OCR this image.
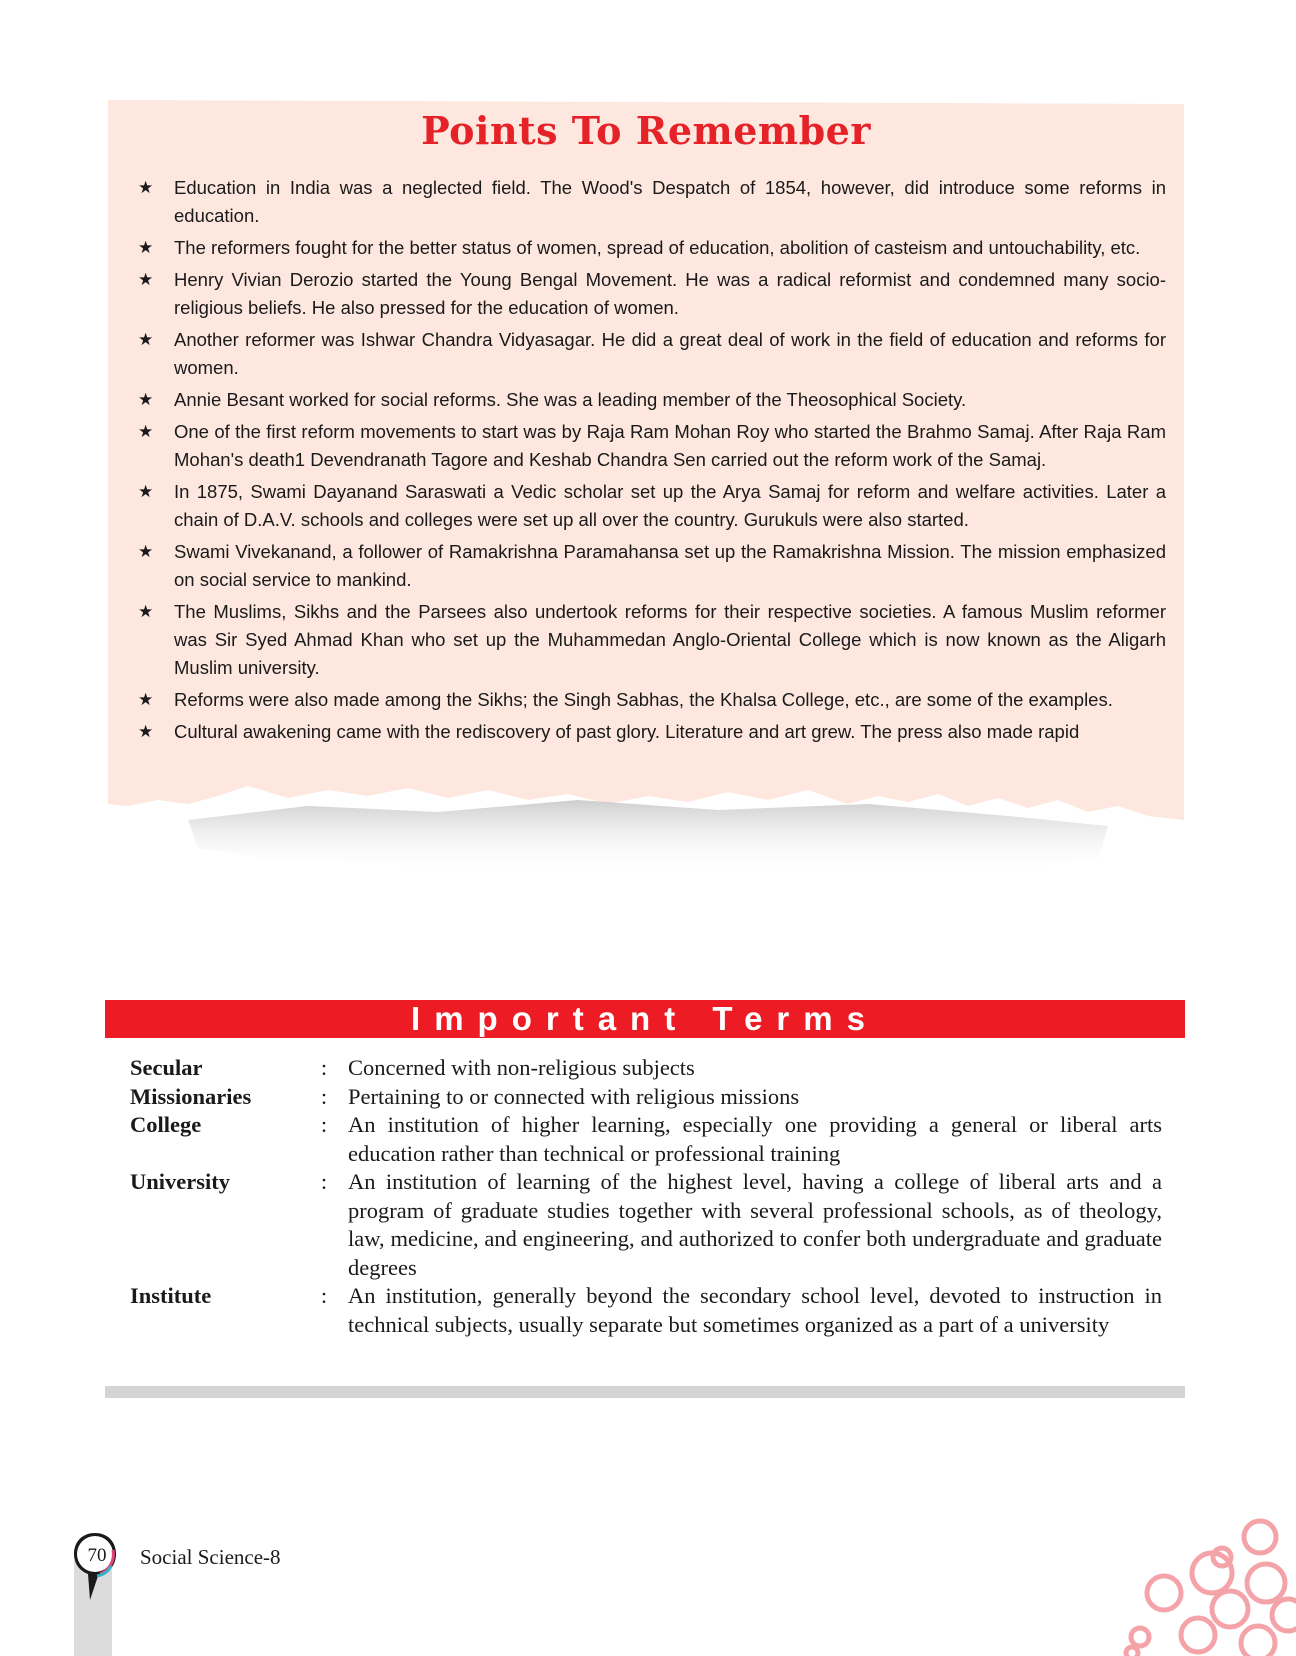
Points To Remember
★ Education in India was a neglected field. The Wood's Despatch of 1854, however, did introduce some reforms in education.
★ The reformers fought for the better status of women, spread of education, abolition of casteism and untouchability, etc.
★ Henry Vivian Derozio started the Young Bengal Movement. He was a radical reformist and condemned many socio-religious beliefs. He also pressed for the education of women.
★ Another reformer was Ishwar Chandra Vidyasagar. He did a great deal of work in the field of education and reforms for women.
★ Annie Besant worked for social reforms. She was a leading member of the Theosophical Society.
★ One of the first reform movements to start was by Raja Ram Mohan Roy who started the Brahmo Samaj. After Raja Ram Mohan's death1 Devendranath Tagore and Keshab Chandra Sen carried out the reform work of the Samaj.
★ In 1875, Swami Dayanand Saraswati a Vedic scholar set up the Arya Samaj for reform and welfare activities. Later a chain of D.A.V. schools and colleges were set up all over the country. Gurukuls were also started.
★ Swami Vivekanand, a follower of Ramakrishna Paramahansa set up the Ramakrishna Mission. The mission emphasized on social service to mankind.
★ The Muslims, Sikhs and the Parsees also undertook reforms for their respective societies. A famous Muslim reformer was Sir Syed Ahmad Khan who set up the Muhammedan Anglo-Oriental College which is now known as the Aligarh Muslim university.
★ Reforms were also made among the Sikhs; the Singh Sabhas, the Khalsa College, etc., are some of the examples.
★ Cultural awakening came with the rediscovery of past glory. Literature and art grew. The press also made rapid
Important Terms
Secular	: Concerned with non-religious subjects
Missionaries	: Pertaining to or connected with religious missions
College	: An institution of higher learning, especially one providing a general or liberal arts education rather than technical or professional training
University	: An institution of learning of the highest level, having a college of liberal arts and a program of graduate studies together with several professional schools, as of theology, law, medicine, and engineering, and authorized to confer both undergraduate and graduate degrees
Institute	: An institution, generally beyond the secondary school level, devoted to instruction in technical subjects, usually separate but sometimes organized as a part of a university
70	Social Science-8
